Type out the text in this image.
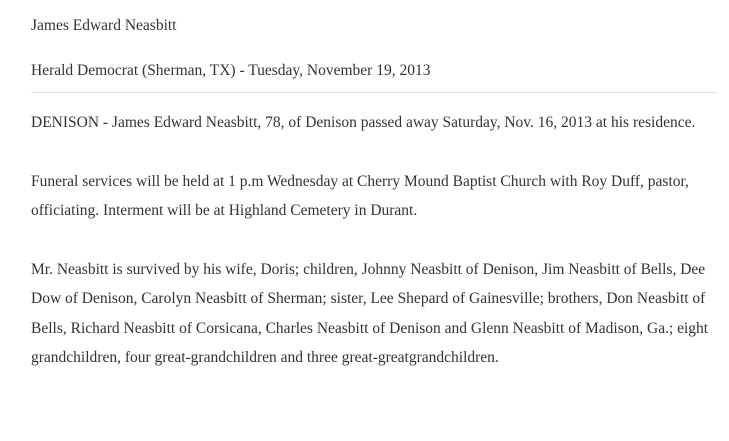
James Edward Neasbitt
Herald Democrat (Sherman, TX) - Tuesday, November 19, 2013

DENISON - James Edward Neasbitt, 78, of Denison passed away Saturday, Nov. 16, 2013 at his residence.

Funeral services will be held at 1 p.m Wednesday at Cherry Mound Baptist Church with Roy Duff, pastor, officiating. Interment will be at Highland Cemetery in Durant.

Mr. Neasbitt is survived by his wife, Doris; children, Johnny Neasbitt of Denison, Jim Neasbitt of Bells, Dee Dow of Denison, Carolyn Neasbitt of Sherman; sister, Lee Shepard of Gainesville; brothers, Don Neasbitt of Bells, Richard Neasbitt of Corsicana, Charles Neasbitt of Denison and Glenn Neasbitt of Madison, Ga.; eight grandchildren, four great-grandchildren and three great-greatgrandchildren.
